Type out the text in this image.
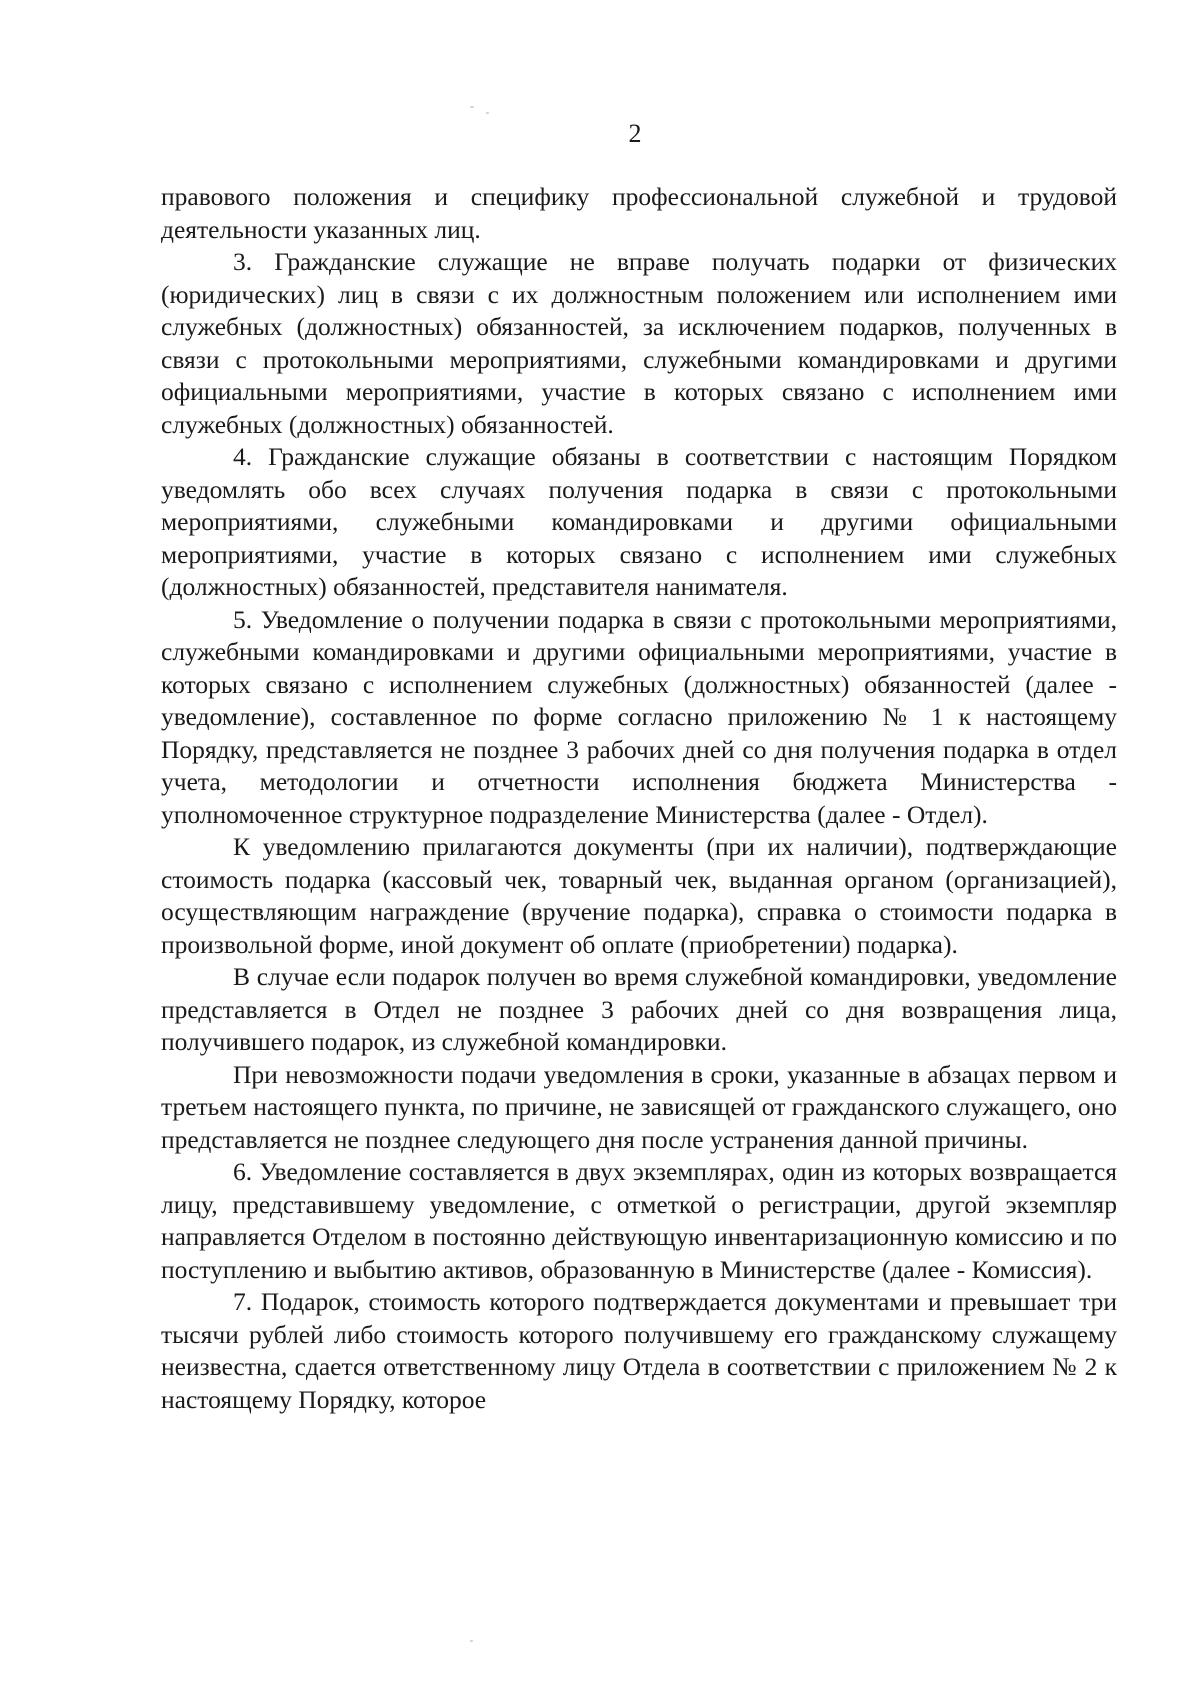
2

правового положения и специфику профессиональной служебной и трудовой деятельности указанных лиц.

3. Гражданские служащие не вправе получать подарки от физических (юридических) лиц в связи с их должностным положением или исполнением ими служебных (должностных) обязанностей, за исключением подарков, полученных в связи с протокольными мероприятиями, служебными командировками и другими официальными мероприятиями, участие в которых связано с исполнением ими служебных (должностных) обязанностей.

4. Гражданские служащие обязаны в соответствии с настоящим Порядком уведомлять обо всех случаях получения подарка в связи с протокольными мероприятиями, служебными командировками и другими официальными мероприятиями, участие в которых связано с исполнением ими служебных (должностных) обязанностей, представителя нанимателя.

5. Уведомление о получении подарка в связи с протокольными мероприятиями, служебными командировками и другими официальными мероприятиями, участие в которых связано с исполнением служебных (должностных) обязанностей (далее - уведомление), составленное по форме согласно приложению № 1 к настоящему Порядку, представляется не позднее 3 рабочих дней со дня получения подарка в отдел учета, методологии и отчетности исполнения бюджета Министерства - уполномоченное структурное подразделение Министерства (далее - Отдел).

К уведомлению прилагаются документы (при их наличии), подтверждающие стоимость подарка (кассовый чек, товарный чек, выданная органом (организацией), осуществляющим награждение (вручение подарка), справка о стоимости подарка в произвольной форме, иной документ об оплате (приобретении) подарка).

В случае если подарок получен во время служебной командировки, уведомление представляется в Отдел не позднее 3 рабочих дней со дня возвращения лица, получившего подарок, из служебной командировки.

При невозможности подачи уведомления в сроки, указанные в абзацах первом и третьем настоящего пункта, по причине, не зависящей от гражданского служащего, оно представляется не позднее следующего дня после устранения данной причины.

6. Уведомление составляется в двух экземплярах, один из которых возвращается лицу, представившему уведомление, с отметкой о регистрации, другой экземпляр направляется Отделом в постоянно действующую инвентаризационную комиссию и по поступлению и выбытию активов, образованную в Министерстве (далее - Комиссия).

7. Подарок, стоимость которого подтверждается документами и превышает три тысячи рублей либо стоимость которого получившему его гражданскому служащему неизвестна, сдается ответственному лицу Отдела в соответствии с приложением № 2 к настоящему Порядку, которое
